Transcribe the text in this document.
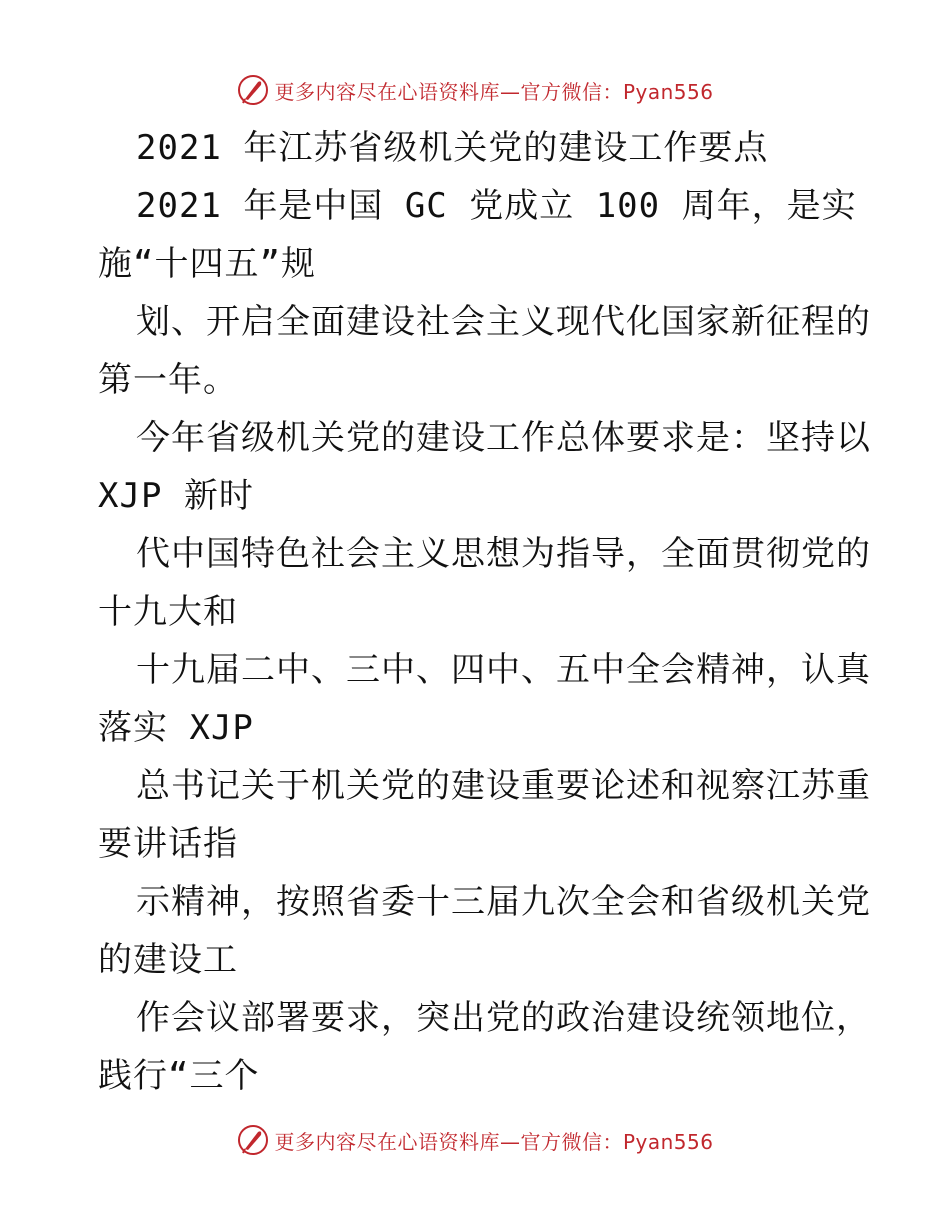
更多内容尽在心语资料库—官方微信：Pyan556
2021 年江苏省级机关党的建设工作要点
2021 年是中国 GC 党成立 100 周年，是实
施“十四五”规
划、开启全面建设社会主义现代化国家新征程的
第一年。
今年省级机关党的建设工作总体要求是：坚持以
XJP 新时
代中国特色社会主义思想为指导，全面贯彻党的
十九大和
十九届二中、三中、四中、五中全会精神，认真
落实 XJP
总书记关于机关党的建设重要论述和视察江苏重
要讲话指
示精神，按照省委十三届九次全会和省级机关党
的建设工
作会议部署要求，突出党的政治建设统领地位，
践行“三个
更多内容尽在心语资料库—官方微信：Pyan556
